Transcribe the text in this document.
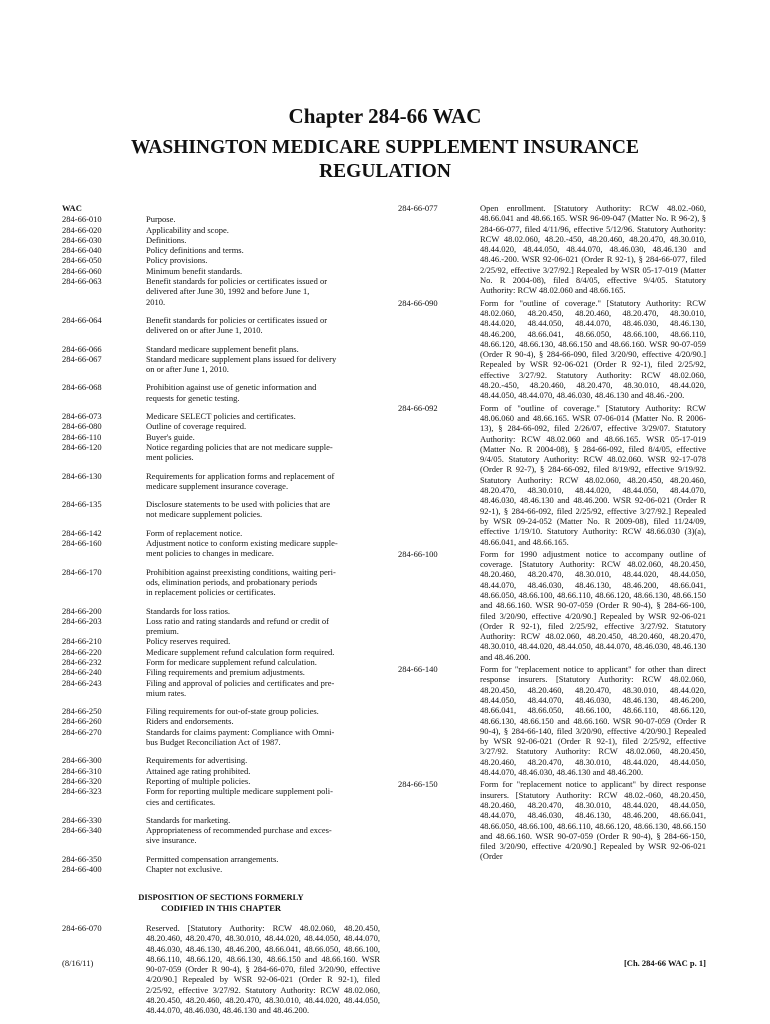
Chapter 284-66 WAC
WASHINGTON MEDICARE SUPPLEMENT INSURANCE
REGULATION
WAC
284-66-010	Purpose.
284-66-020	Applicability and scope.
284-66-030	Definitions.
284-66-040	Policy definitions and terms.
284-66-050	Policy provisions.
284-66-060	Minimum benefit standards.
284-66-063	Benefit standards for policies or certificates issued or
delivered after June 30, 1992 and before June 1,
2010.
284-66-064	Benefit standards for policies or certificates issued or
delivered on or after June 1, 2010.
284-66-066	Standard medicare supplement benefit plans.
284-66-067	Standard medicare supplement plans issued for delivery
on or after June 1, 2010.
284-66-068	Prohibition against use of genetic information and
requests for genetic testing.
284-66-073	Medicare SELECT policies and certificates.
284-66-080	Outline of coverage required.
284-66-110	Buyer's guide.
284-66-120	Notice regarding policies that are not medicare supple-
ment policies.
284-66-130	Requirements for application forms and replacement of
medicare supplement insurance coverage.
284-66-135	Disclosure statements to be used with policies that are
not medicare supplement policies.
284-66-142	Form of replacement notice.
284-66-160	Adjustment notice to conform existing medicare supple-
ment policies to changes in medicare.
284-66-170	Prohibition against preexisting conditions, waiting peri-
ods, elimination periods, and probationary periods
in replacement policies or certificates.
284-66-200	Standards for loss ratios.
284-66-203	Loss ratio and rating standards and refund or credit of
premium.
284-66-210	Policy reserves required.
284-66-220	Medicare supplement refund calculation form required.
284-66-232	Form for medicare supplement refund calculation.
284-66-240	Filing requirements and premium adjustments.
284-66-243	Filing and approval of policies and certificates and pre-
mium rates.
284-66-250	Filing requirements for out-of-state group policies.
284-66-260	Riders and endorsements.
284-66-270	Standards for claims payment: Compliance with Omni-
bus Budget Reconciliation Act of 1987.
284-66-300	Requirements for advertising.
284-66-310	Attained age rating prohibited.
284-66-320	Reporting of multiple policies.
284-66-323	Form for reporting multiple medicare supplement poli-
cies and certificates.
284-66-330	Standards for marketing.
284-66-340	Appropriateness of recommended purchase and exces-
sive insurance.
284-66-350	Permitted compensation arrangements.
284-66-400	Chapter not exclusive.
DISPOSITION OF SECTIONS FORMERLY
CODIFIED IN THIS CHAPTER
284-66-070	Reserved. [Statutory Authority: RCW 48.02.060, 48.20.450, 48.20.460, 48.20.470, 48.30.010, 48.44.020, 48.44.050, 48.44.070, 48.46.030, 48.46.130, 48.46.200, 48.66.041, 48.66.050, 48.66.100, 48.66.110, 48.66.120, 48.66.130, 48.66.150 and 48.66.160. WSR 90-07-059 (Order R 90-4), § 284-66-070, filed 3/20/90, effective 4/20/90.] Repealed by WSR 92-06-021 (Order R 92-1), filed 2/25/92, effective 3/27/92. Statutory Authority: RCW 48.02.060, 48.20.450, 48.20.460, 48.20.470, 48.30.010, 48.44.020, 48.44.050, 48.44.070, 48.46.030, 48.46.130 and 48.46.200.
284-66-077	Open enrollment. [Statutory Authority: RCW 48.02.-060, 48.66.041 and 48.66.165. WSR 96-09-047 (Matter No. R 96-2), § 284-66-077, filed 4/11/96, effective 5/12/96. Statutory Authority: RCW 48.02.060, 48.20.-450, 48.20.460, 48.20.470, 48.30.010, 48.44.020, 48.44.050, 48.44.070, 48.46.030, 48.46.130 and 48.46.-200. WSR 92-06-021 (Order R 92-1), § 284-66-077, filed 2/25/92, effective 3/27/92.] Repealed by WSR 05-17-019 (Matter No. R 2004-08), filed 8/4/05, effective 9/4/05. Statutory Authority: RCW 48.02.060 and 48.66.165.
284-66-090	Form for "outline of coverage." [Statutory Authority: RCW 48.02.060, 48.20.450, 48.20.460, 48.20.470, 48.30.010, 48.44.020, 48.44.050, 48.44.070, 48.46.030, 48.46.130, 48.46.200, 48.66.041, 48.66.050, 48.66.100, 48.66.110, 48.66.120, 48.66.130, 48.66.150 and 48.66.160. WSR 90-07-059 (Order R 90-4), § 284-66-090, filed 3/20/90, effective 4/20/90.] Repealed by WSR 92-06-021 (Order R 92-1), filed 2/25/92, effective 3/27/92. Statutory Authority: RCW 48.02.060, 48.20.-450, 48.20.460, 48.20.470, 48.30.010, 48.44.020, 48.44.050, 48.44.070, 48.46.030, 48.46.130 and 48.46.-200.
284-66-092	Form of "outline of coverage." [Statutory Authority: RCW 48.06.060 and 48.66.165. WSR 07-06-014 (Matter No. R 2006-13), § 284-66-092, filed 2/26/07, effective 3/29/07. Statutory Authority: RCW 48.02.060 and 48.66.165. WSR 05-17-019 (Matter No. R 2004-08), § 284-66-092, filed 8/4/05, effective 9/4/05. Statutory Authority: RCW 48.02.060. WSR 92-17-078 (Order R 92-7), § 284-66-092, filed 8/19/92, effective 9/19/92. Statutory Authority: RCW 48.02.060, 48.20.450, 48.20.460, 48.20.470, 48.30.010, 48.44.020, 48.44.050, 48.44.070, 48.46.030, 48.46.130 and 48.46.200. WSR 92-06-021 (Order R 92-1), § 284-66-092, filed 2/25/92, effective 3/27/92.] Repealed by WSR 09-24-052 (Matter No. R 2009-08), filed 11/24/09, effective 1/19/10. Statutory Authority: RCW 48.66.030 (3)(a), 48.66.041, and 48.66.165.
284-66-100	Form for 1990 adjustment notice to accompany outline of coverage. [Statutory Authority: RCW 48.02.060, 48.20.450, 48.20.460, 48.20.470, 48.30.010, 48.44.020, 48.44.050, 48.44.070, 48.46.030, 48.46.130, 48.46.200, 48.66.041, 48.66.050, 48.66.100, 48.66.110, 48.66.120, 48.66.130, 48.66.150 and 48.66.160. WSR 90-07-059 (Order R 90-4), § 284-66-100, filed 3/20/90, effective 4/20/90.] Repealed by WSR 92-06-021 (Order R 92-1), filed 2/25/92, effective 3/27/92. Statutory Authority: RCW 48.02.060, 48.20.450, 48.20.460, 48.20.470, 48.30.010, 48.44.020, 48.44.050, 48.44.070, 48.46.030, 48.46.130 and 48.46.200.
284-66-140	Form for "replacement notice to applicant" for other than direct response insurers. [Statutory Authority: RCW 48.02.060, 48.20.450, 48.20.460, 48.20.470, 48.30.010, 48.44.020, 48.44.050, 48.44.070, 48.46.030, 48.46.130, 48.46.200, 48.66.041, 48.66.050, 48.66.100, 48.66.110, 48.66.120, 48.66.130, 48.66.150 and 48.66.160. WSR 90-07-059 (Order R 90-4), § 284-66-140, filed 3/20/90, effective 4/20/90.] Repealed by WSR 92-06-021 (Order R 92-1), filed 2/25/92, effective 3/27/92. Statutory Authority: RCW 48.02.060, 48.20.450, 48.20.460, 48.20.470, 48.30.010, 48.44.020, 48.44.050, 48.44.070, 48.46.030, 48.46.130 and 48.46.200.
284-66-150	Form for "replacement notice to applicant" by direct response insurers. [Statutory Authority: RCW 48.02.-060, 48.20.450, 48.20.460, 48.20.470, 48.30.010, 48.44.020, 48.44.050, 48.44.070, 48.46.030, 48.46.130, 48.46.200, 48.66.041, 48.66.050, 48.66.100, 48.66.110, 48.66.120, 48.66.130, 48.66.150 and 48.66.160. WSR 90-07-059 (Order R 90-4), § 284-66-150, filed 3/20/90, effective 4/20/90.] Repealed by WSR 92-06-021 (Order
(8/16/11)	[Ch. 284-66 WAC p. 1]
